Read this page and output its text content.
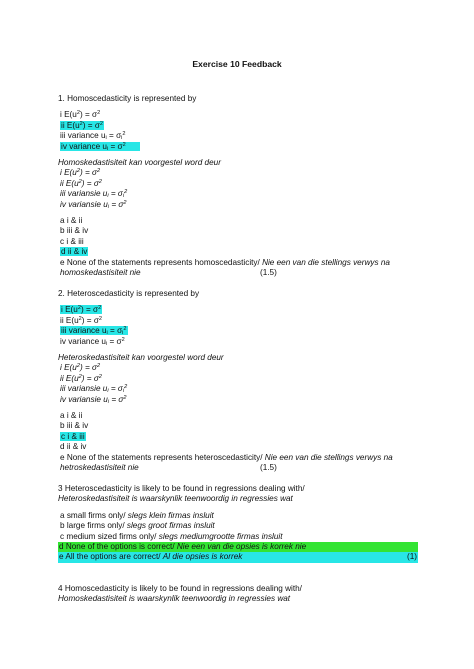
Exercise 10 Feedback
1. Homoscedasticity is represented by
i $E(u^2) = \sigma^2$
ii $E(u^2) = \sigma^2$
iii variance $u_i = \sigma_i^2$
iv variance $u_i = \sigma^2$
Homoskedastisiteit kan voorgestel word deur
i $E(u^2) = \sigma^2$
ii $E(u^2) = \sigma^2$
iii variansie $u_i = \sigma_i^2$
iv variansie $u_i = \sigma^2$
a i & ii
b iii & iv
c i & iii
d ii & iv
e None of the statements represents homoscedasticity/ Nie een van die stellings verwys na
homoskedastisiteit nie	(1.5)
2. Heteroscedasticity is represented by
i $E(u^2) = \sigma^2$
ii $E(u^2) = \sigma^2$
iii variance $u_i = \sigma_i^2$
iv variance $u_i = \sigma^2$
Heteroskedastisiteit kan voorgestel word deur
i $E(u^2) = \sigma^2$
ii $E(u^2) = \sigma^2$
iii variansie $u_i = \sigma_i^2$
iv variansie $u_i = \sigma^2$
a i & ii
b iii & iv
c i & iii
d ii & iv
e None of the statements represents heteroscedasticity/ Nie een van die stellings verwys na
hetroskedastisiteit nie	(1.5)
3 Heteroscedasticity is likely to be found in regressions dealing with/
Heteroskedastisiteit is waarskynlik teenwoordig in regressies wat
a small firms only/ slegs klein firmas insluit
b large firms only/ slegs groot firmas insluit
c medium sized firms only/ slegs mediumgrootte firmas insluit
d None of the options is correct/ Nie een van die opsies is korrek nie
e All the options are correct/ Al die opsies is korrek	(1)
4 Homoscedasticity is likely to be found in regressions dealing with/
Homoskedastisiteit is waarskynlik teenwoordig in regressies wat
